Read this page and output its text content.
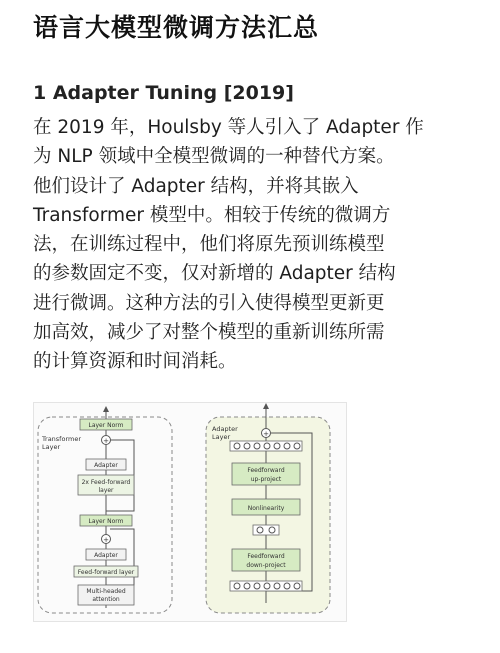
语言大模型微调方法汇总
1 Adapter Tuning [2019]
在 2019 年，Houlsby 等人引入了 Adapter 作
为 NLP 领域中全模型微调的一种替代方案。
他们设计了 Adapter 结构，并将其嵌入
Transformer 模型中。相较于传统的微调方
法，在训练过程中，他们将原先预训练模型
的参数固定不变，仅对新增的 Adapter 结构
进行微调。这种方法的引入使得模型更新更
加高效，减少了对整个模型的重新训练所需
的计算资源和时间消耗。
Transformer
Layer
Layer Norm
+
Adapter
2x Feed-forward
layer
Layer Norm
+
Adapter
Feed-forward layer
Multi-headed
attention
Adapter
Layer	+
Feedforward
up-project
Nonlinearity
Feedforward
down-project
